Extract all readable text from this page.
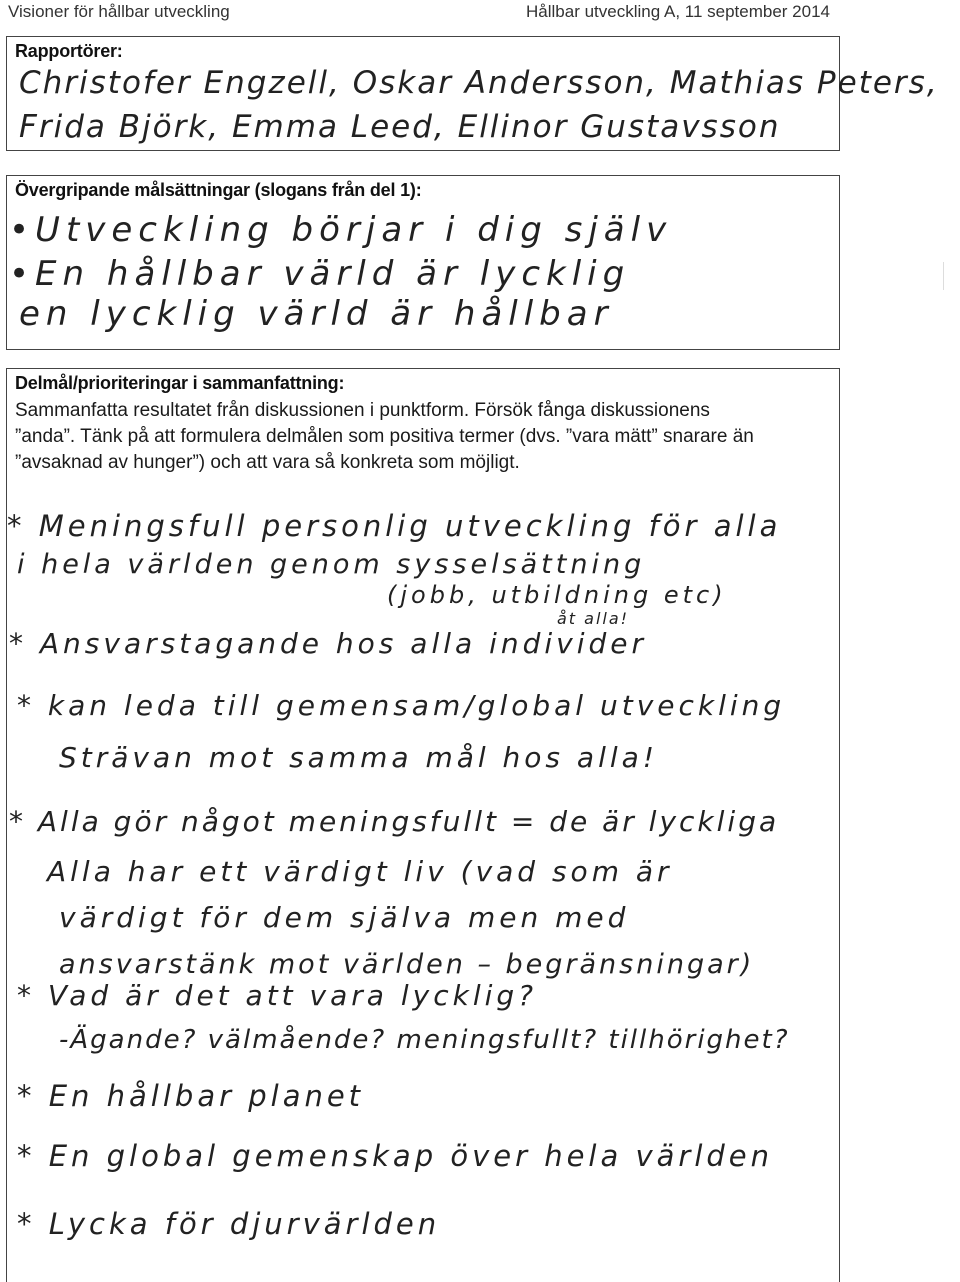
Visioner för hållbar utveckling	Hållbar utveckling A, 11 september 2014
Rapportörer:
Christofer Engzell, Oskar Andersson, Mathias Peters,
Frida Björk, Emma Leed, Ellinor Gustavsson
Övergripande målsättningar (slogans från del 1):
•Utveckling börjar i dig själv
•En hållbar värld är lycklig
en lycklig värld är hållbar
Delmål/prioriteringar i sammanfattning:
Sammanfatta resultatet från diskussionen i punktform. Försök fånga diskussionens
”anda”. Tänk på att formulera delmålen som positiva termer (dvs. ”vara mätt” snarare än
”avsaknad av hunger”) och att vara så konkreta som möjligt.
* Meningsfull personlig utveckling för alla
i hela världen genom sysselsättning
(jobb, utbildning etc)
åt alla!
* Ansvarstagande hos alla individer
* kan leda till gemensam/global utveckling
Strävan mot samma mål hos alla!
* Alla gör något meningsfullt = de är lyckliga
Alla har ett värdigt liv (vad som är
värdigt för dem själva men med
ansvarstänk mot världen – begränsningar)
* Vad är det att vara lycklig?
-Ägande? välmående? meningsfullt? tillhörighet?
* En hållbar planet
* En global gemenskap över hela världen
* Lycka för djurvärlden
